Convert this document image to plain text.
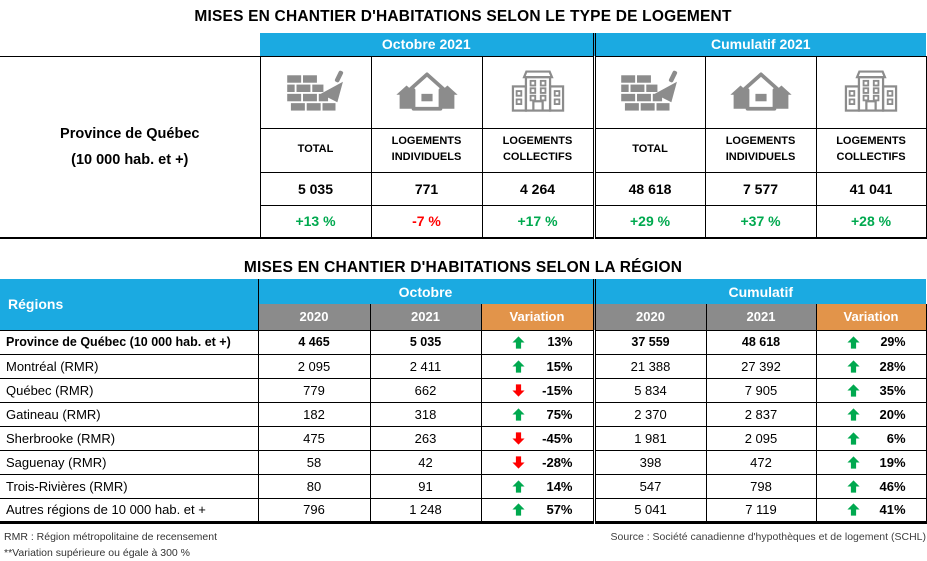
MISES EN CHANTIER D'HABITATIONS SELON LE TYPE DE LOGEMENT
	Octobre 2021			Cumulatif 2021		

Province de Québec
(10 000 hab. et +)

	TOTAL	LOGEMENTS INDIVIDUELS	LOGEMENTS COLLECTIFS	TOTAL	LOGEMENTS INDIVIDUELS	LOGEMENTS COLLECTIFS
	5 035	771	4 264	48 618	7 577	41 041
	+13 %	-7 %	+17 %	+29 %	+37 %	+28 %
MISES EN CHANTIER D'HABITATIONS SELON LA RÉGION
Régions	Octobre			Cumulatif		
	2020	2021	Variation	2020	2021	Variation
Province de Québec (10 000 hab. et +)	4 465	5 035	13%	37 559	48 618	29%

Montréal (RMR)	2 095	2 411	15%	21 388	27 392	28%

Québec (RMR)	779	662	-15%	5 834	7 905	35%

Gatineau (RMR)	182	318	75%	2 370	2 837	20%

Sherbrooke (RMR)	475	263	-45%	1 981	2 095	6%

Saguenay (RMR)	58	42	-28%	398	472	19%

Trois-Rivières (RMR)	80	91	14%	547	798	46%

Autres régions de 10 000 hab. et +	796	1 248	57%	5 041	7 119	41%
RMR : Région métropolitaine de recensement
**Variation supérieure ou égale à 300 %
Source : Société canadienne d'hypothèques et de logement (SCHL)
